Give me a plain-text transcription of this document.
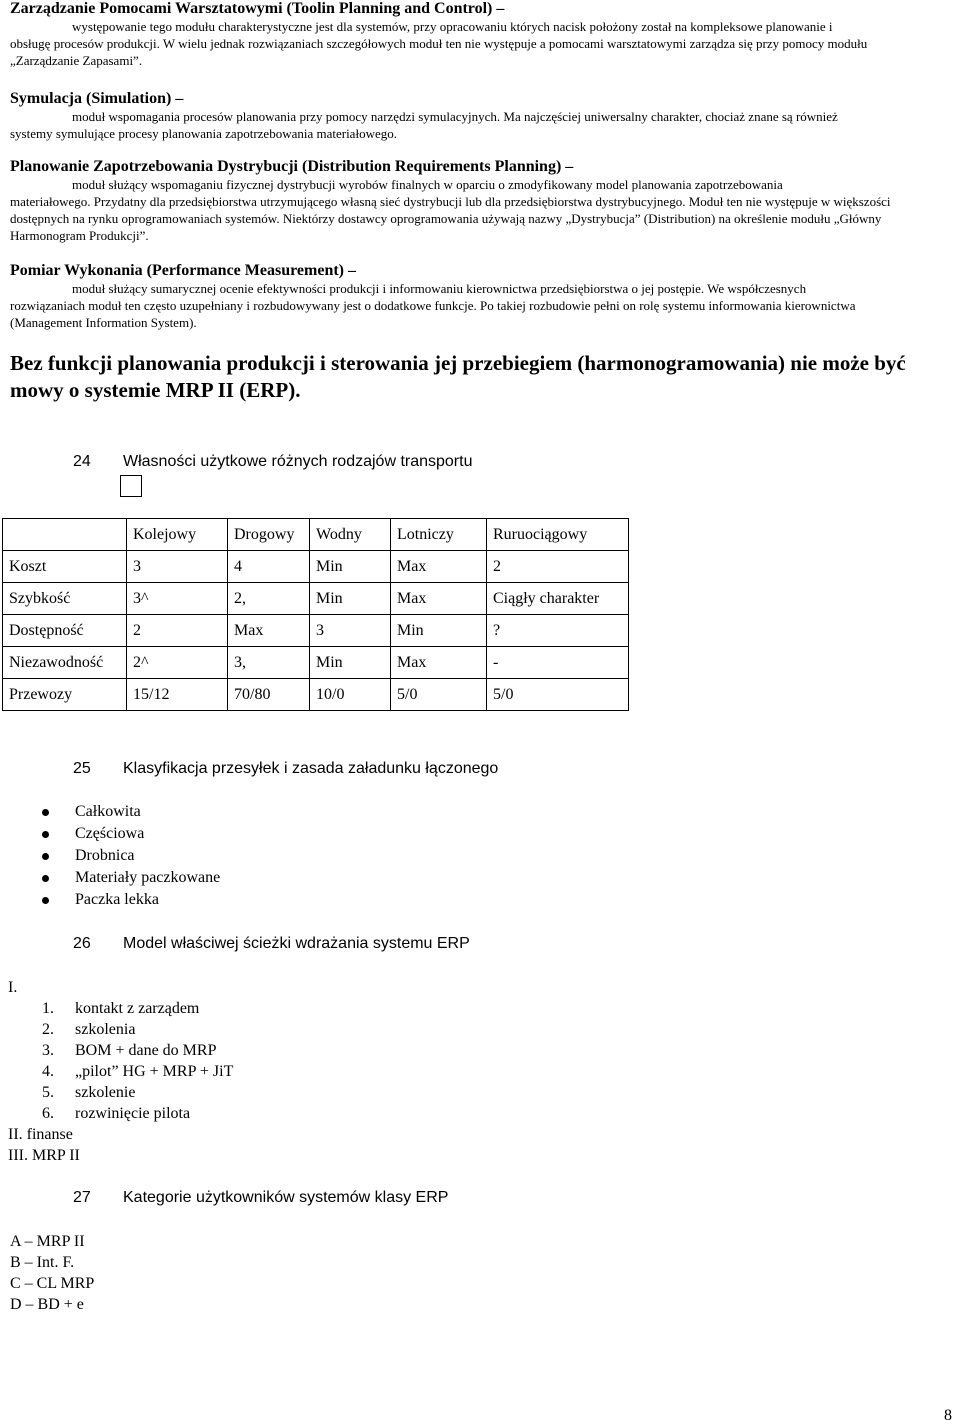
Zarządzanie Pomocami Warsztatowymi (Toolin Planning and Control) –
występowanie tego modułu charakterystyczne jest dla systemów, przy opracowaniu których nacisk położony został na kompleksowe planowanie i
obsługę procesów produkcji. W wielu jednak rozwiązaniach szczegółowych moduł ten nie występuje a pomocami warsztatowymi zarządza się przy pomocy modułu „Zarządzanie Zapasami”.
Symulacja (Simulation) –
moduł wspomagania procesów planowania przy pomocy narzędzi symulacyjnych. Ma najczęściej uniwersalny charakter, chociaż znane są również
systemy symulujące procesy planowania zapotrzebowania materiałowego.
Planowanie Zapotrzebowania Dystrybucji (Distribution Requirements Planning) –
moduł służący wspomaganiu fizycznej dystrybucji wyrobów finalnych w oparciu o zmodyfikowany model planowania zapotrzebowania
materiałowego. Przydatny dla przedsiębiorstwa utrzymującego własną sieć dystrybucji lub dla przedsiębiorstwa dystrybucyjnego. Moduł ten nie występuje w większości dostępnych na rynku oprogramowaniach systemów. Niektórzy dostawcy oprogramowania używają nazwy „Dystrybucja” (Distribution) na określenie modułu „Główny Harmonogram Produkcji”.
Pomiar Wykonania (Performance Measurement) –
moduł służący sumarycznej ocenie efektywności produkcji i informowaniu kierownictwa przedsiębiorstwa o jej postępie. We współczesnych
rozwiązaniach moduł ten często uzupełniany i rozbudowywany jest o dodatkowe funkcje. Po takiej rozbudowie pełni on rolę systemu informowania kierownictwa (Management Information System).
Bez funkcji planowania produkcji i sterowania jej przebiegiem (harmonogramowania) nie może być mowy o systemie MRP II (ERP).
24 Własności użytkowe różnych rodzajów transportu
	Kolejowy	Drogowy	Wodny	Lotniczy	Ruruociągowy
Koszt	3	4	Min	Max	2
Szybkość	3^	2,	Min	Max	Ciągły charakter
Dostępność	2	Max	3	Min	?
Niezawodność	2^	3,	Min	Max	-
Przewozy	15/12	70/80	10/0	5/0	5/0
25 Klasyfikacja przesyłek i zasada załadunku łączonego
Całkowita
Częściowa
Drobnica
Materiały paczkowane
Paczka lekka
26 Model właściwej ścieżki wdrażania systemu ERP
I.
1. kontakt z zarządem
2. szkolenia
3. BOM + dane do MRP
4. „pilot” HG + MRP + JiT
5. szkolenie
6. rozwinięcie pilota
II. finanse
III. MRP II
27 Kategorie użytkowników systemów klasy ERP
A – MRP II
B – Int. F.
C – CL MRP
D – BD + e
8
